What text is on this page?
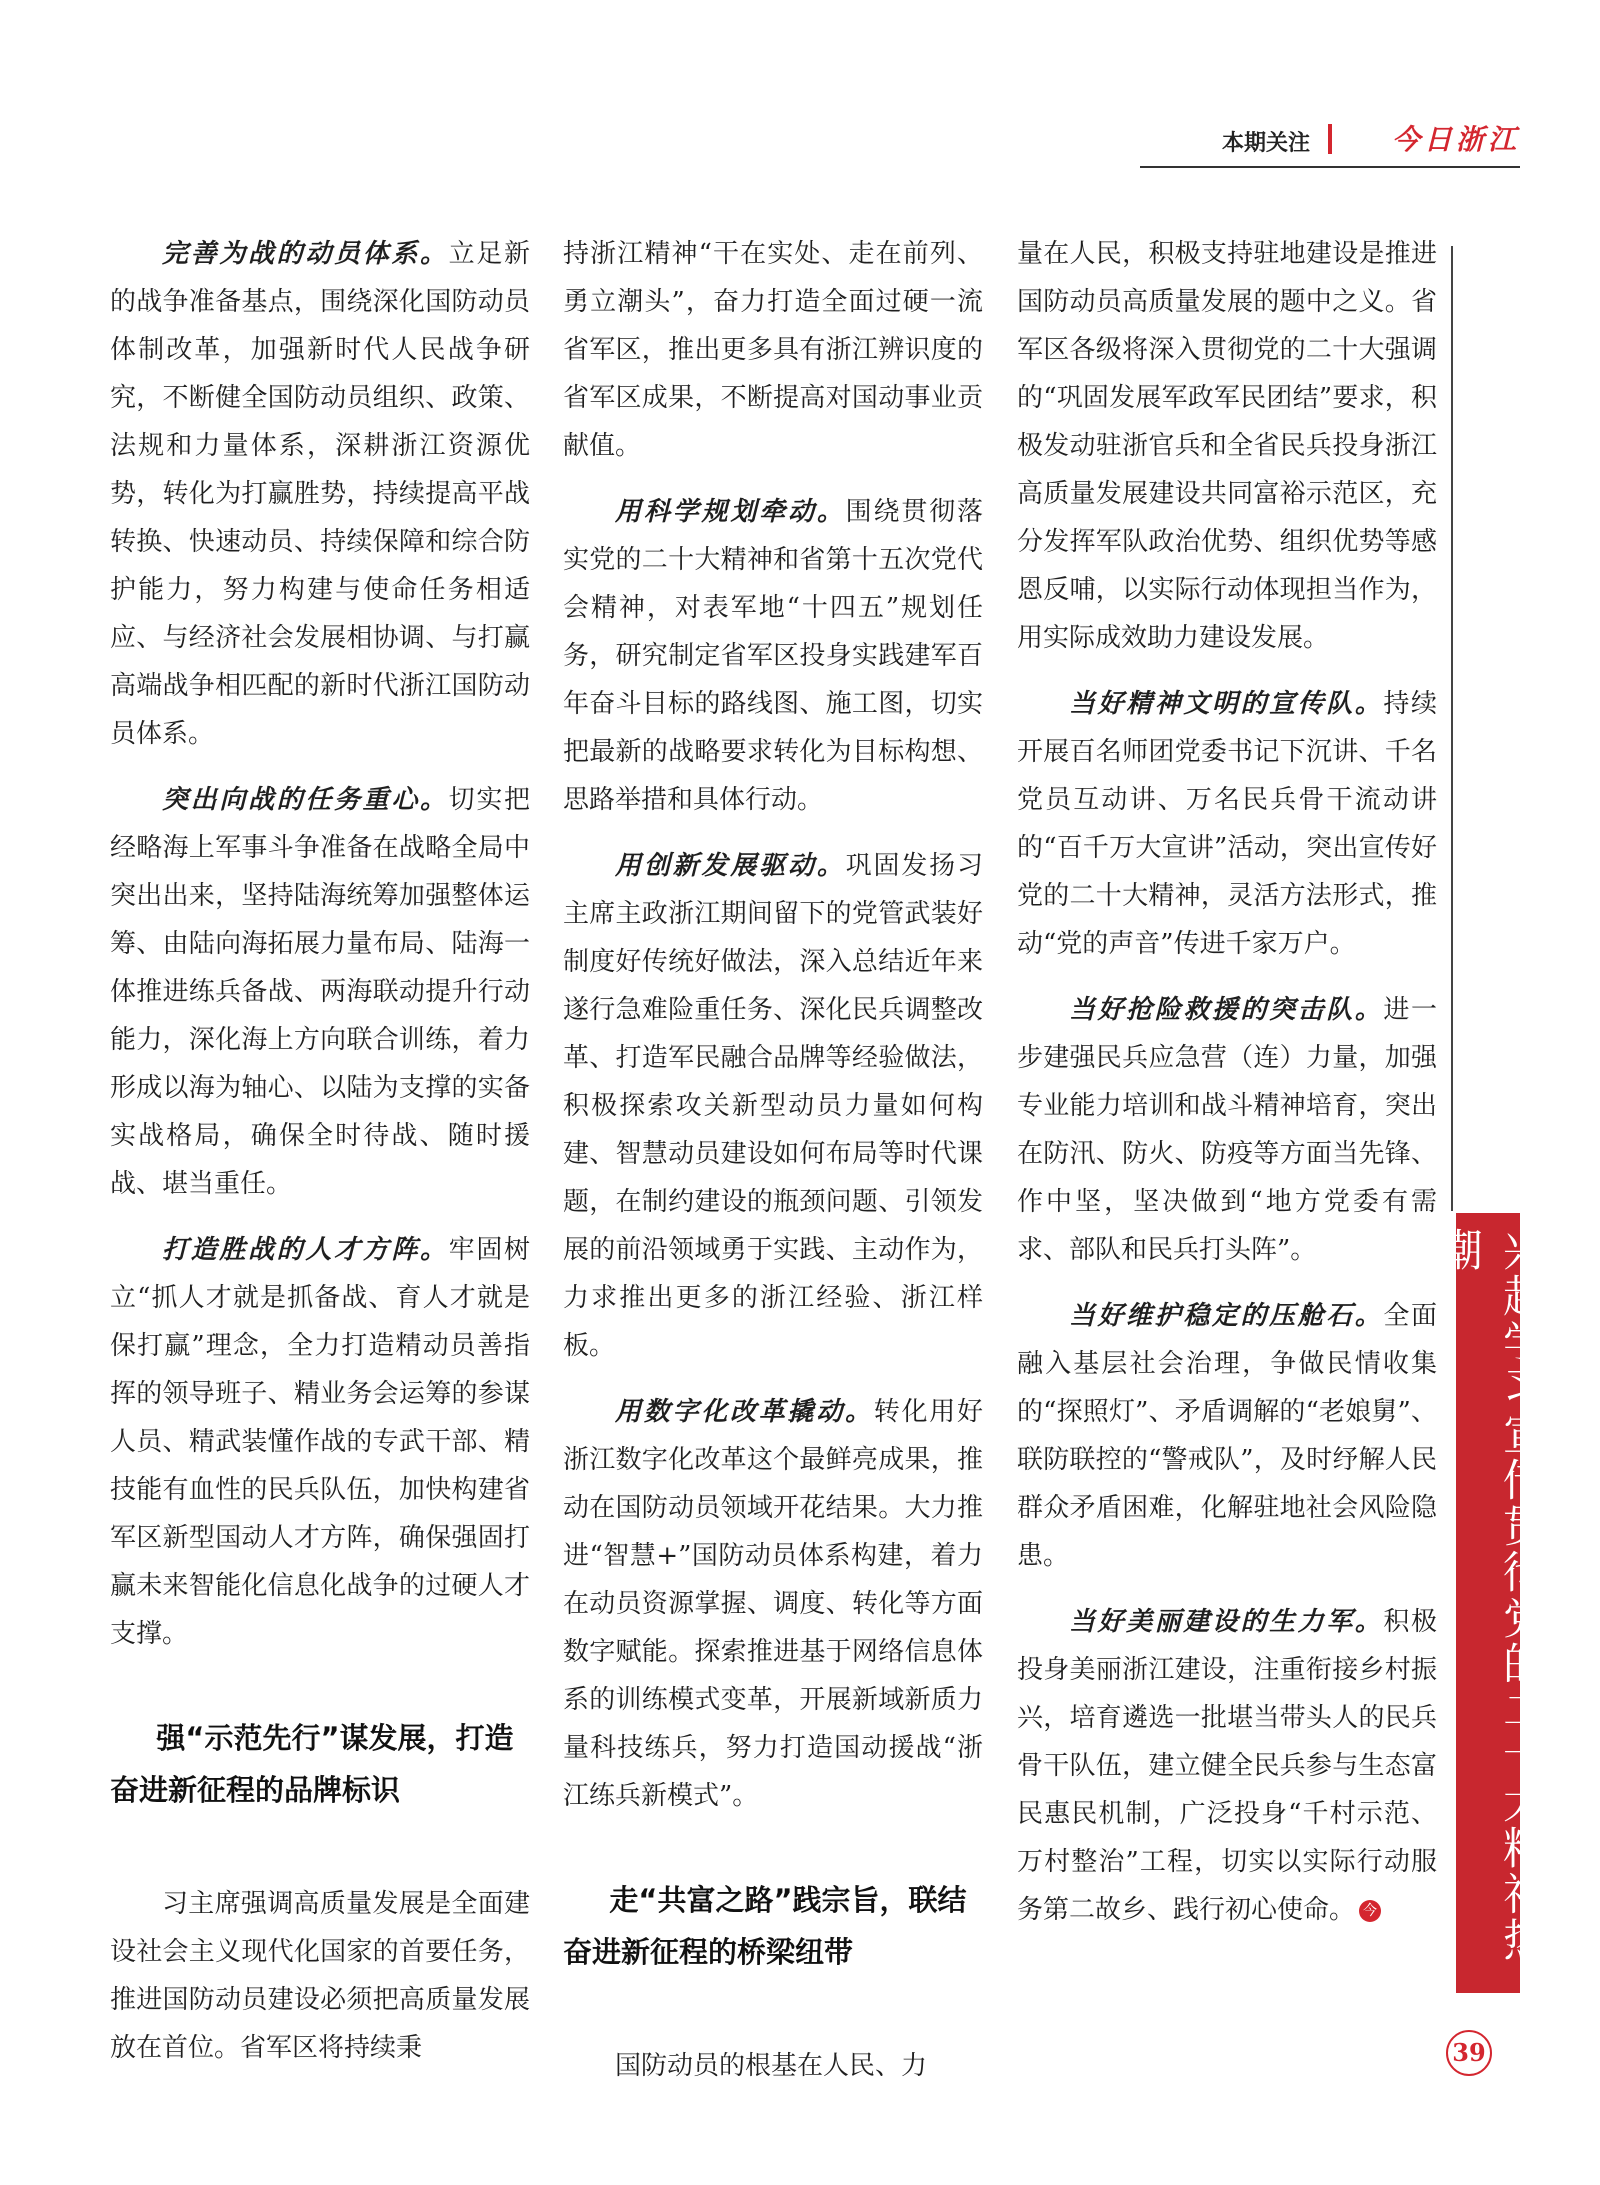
本期关注	今日浙江
兴起学习宣传贯彻党的二十大精神热潮

完善为战的动员体系。立足新的战争准备基点，围绕深化国防动员体制改革，加强新时代人民战争研究，不断健全国防动员组织、政策、法规和力量体系，深耕浙江资源优势，转化为打赢胜势，持续提高平战转换、快速动员、持续保障和综合防护能力，努力构建与使命任务相适应、与经济社会发展相协调、与打赢高端战争相匹配的新时代浙江国防动员体系。

突出向战的任务重心。切实把经略海上军事斗争准备在战略全局中突出出来，坚持陆海统筹加强整体运筹、由陆向海拓展力量布局、陆海一体推进练兵备战、两海联动提升行动能力，深化海上方向联合训练，着力形成以海为轴心、以陆为支撑的实备实战格局，确保全时待战、随时援战、堪当重任。

打造胜战的人才方阵。牢固树立“抓人才就是抓备战、育人才就是保打赢”理念，全力打造精动员善指挥的领导班子、精业务会运筹的参谋人员、精武装懂作战的专武干部、精技能有血性的民兵队伍，加快构建省军区新型国动人才方阵，确保强固打赢未来智能化信息化战争的过硬人才支撑。

强“示范先行”谋发展，打造奋进新征程的品牌标识

习主席强调高质量发展是全面建设社会主义现代化国家的首要任务，推进国防动员建设必须把高质量发展放在首位。省军区将持续秉

持浙江精神“干在实处、走在前列、勇立潮头”，奋力打造全面过硬一流省军区，推出更多具有浙江辨识度的省军区成果，不断提高对国动事业贡献值。

用科学规划牵动。围绕贯彻落实党的二十大精神和省第十五次党代会精神，对表军地“十四五”规划任务，研究制定省军区投身实践建军百年奋斗目标的路线图、施工图，切实把最新的战略要求转化为目标构想、思路举措和具体行动。

用创新发展驱动。巩固发扬习主席主政浙江期间留下的党管武装好制度好传统好做法，深入总结近年来遂行急难险重任务、深化民兵调整改革、打造军民融合品牌等经验做法，积极探索攻关新型动员力量如何构建、智慧动员建设如何布局等时代课题，在制约建设的瓶颈问题、引领发展的前沿领域勇于实践、主动作为，力求推出更多的浙江经验、浙江样板。

用数字化改革撬动。转化用好浙江数字化改革这个最鲜亮成果，推动在国防动员领域开花结果。大力推进“智慧+”国防动员体系构建，着力在动员资源掌握、调度、转化等方面数字赋能。探索推进基于网络信息体系的训练模式变革，开展新域新质力量科技练兵，努力打造国动援战“浙江练兵新模式”。

走“共富之路”践宗旨，联结奋进新征程的桥梁纽带

国防动员的根基在人民、力

量在人民，积极支持驻地建设是推进国防动员高质量发展的题中之义。省军区各级将深入贯彻党的二十大强调的“巩固发展军政军民团结”要求，积极发动驻浙官兵和全省民兵投身浙江高质量发展建设共同富裕示范区，充分发挥军队政治优势、组织优势等感恩反哺，以实际行动体现担当作为，用实际成效助力建设发展。

当好精神文明的宣传队。持续开展百名师团党委书记下沉讲、千名党员互动讲、万名民兵骨干流动讲的“百千万大宣讲”活动，突出宣传好党的二十大精神，灵活方法形式，推动“党的声音”传进千家万户。

当好抢险救援的突击队。进一步建强民兵应急营（连）力量，加强专业能力培训和战斗精神培育，突出在防汛、防火、防疫等方面当先锋、作中坚，坚决做到“地方党委有需求、部队和民兵打头阵”。

当好维护稳定的压舱石。全面融入基层社会治理，争做民情收集的“探照灯”、矛盾调解的“老娘舅”、联防联控的“警戒队”，及时纾解人民群众矛盾困难，化解驻地社会风险隐患。

当好美丽建设的生力军。积极投身美丽浙江建设，注重衔接乡村振兴，培育遴选一批堪当带头人的民兵骨干队伍，建立健全民兵参与生态富民惠民机制，广泛投身“千村示范、万村整治”工程，切实以实际行动服务第二故乡、践行初心使命。 今

39
